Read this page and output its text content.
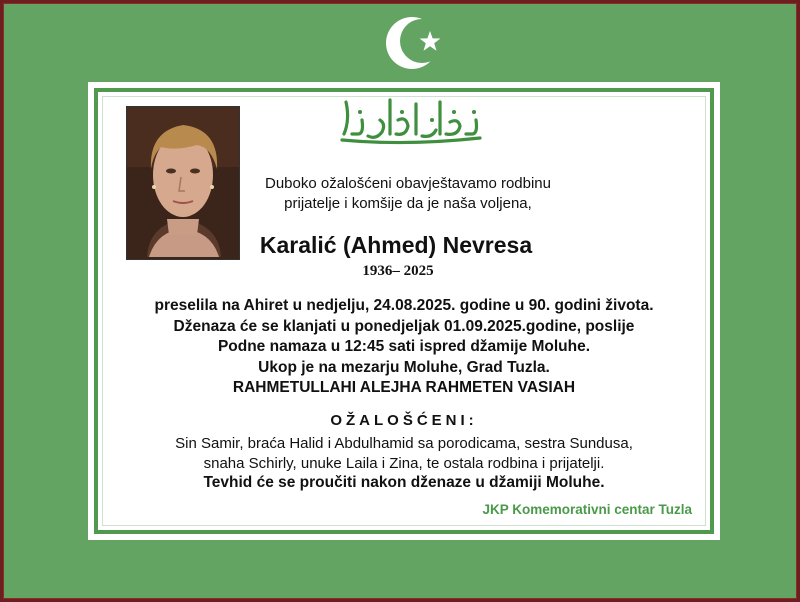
Duboko ožalošćeni obavještavamo rodbinu
prijatelje i komšije da je naša voljena,
Karalić (Ahmed) Nevresa
1936– 2025
preselila na Ahiret u nedjelju, 24.08.2025. godine u 90. godini života.
Dženaza će se klanjati u ponedjeljak 01.09.2025.godine, poslije
Podne namaza u 12:45 sati ispred džamije Moluhe.
Ukop je na mezarju Moluhe, Grad Tuzla.
RAHMETULLAHI ALEJHA RAHMETEN VASIAH
OŽALOŠĆENI:
Sin Samir, braća Halid i Abdulhamid sa porodicama, sestra Sundusa,
snaha Schirly, unuke Laila i Zina, te ostala rodbina i prijatelji.
Tevhid će se proučiti nakon dženaze u džamiji Moluhe.
JKP Komemorativni centar Tuzla
